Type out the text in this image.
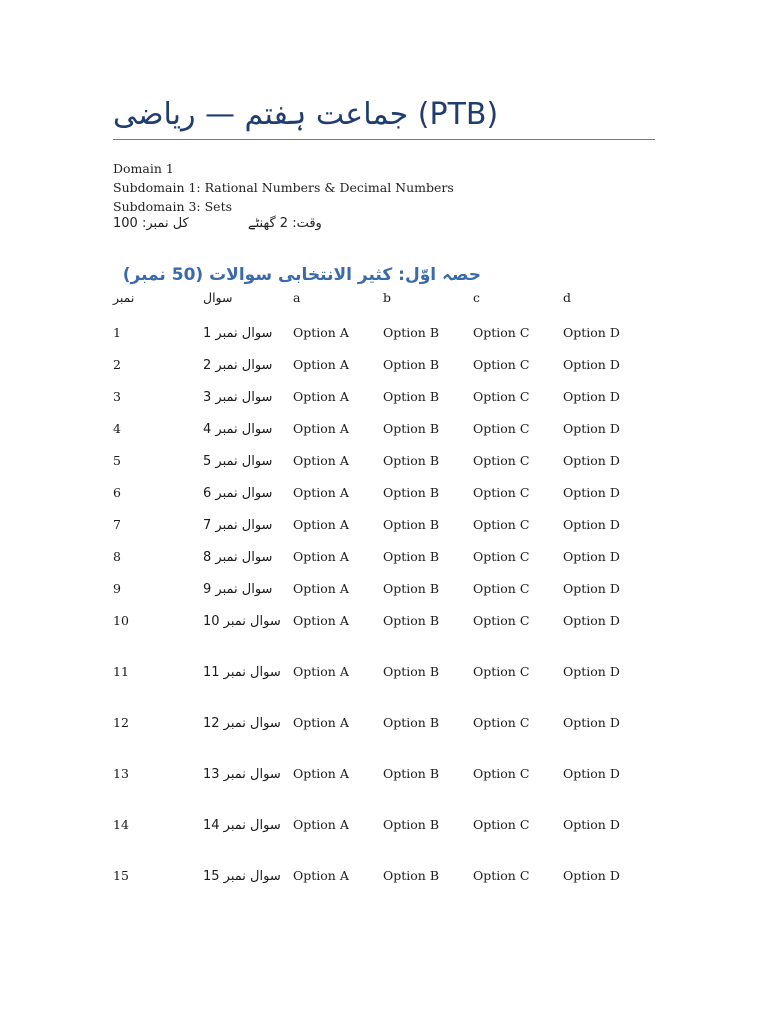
جماعت ہفتم — ریاضی (PTB)
Domain 1
Subdomain 1: Rational Numbers & Decimal Numbers
Subdomain 3: Sets
کل نمبر: 100	وقت: 2 گھنٹے
حصہ اوّل: کثیر الانتخابی سوالات (50 نمبر)
نمبر	سوال	a	b	c	d
1	سوال نمبر 1	Option A	Option B	Option C	Option D
2	سوال نمبر 2	Option A	Option B	Option C	Option D
3	سوال نمبر 3	Option A	Option B	Option C	Option D
4	سوال نمبر 4	Option A	Option B	Option C	Option D
5	سوال نمبر 5	Option A	Option B	Option C	Option D
6	سوال نمبر 6	Option A	Option B	Option C	Option D
7	سوال نمبر 7	Option A	Option B	Option C	Option D
8	سوال نمبر 8	Option A	Option B	Option C	Option D
9	سوال نمبر 9	Option A	Option B	Option C	Option D
10	سوال نمبر 10	Option A	Option B	Option C	Option D
11	سوال نمبر 11	Option A	Option B	Option C	Option D
12	سوال نمبر 12	Option A	Option B	Option C	Option D
13	سوال نمبر 13	Option A	Option B	Option C	Option D
14	سوال نمبر 14	Option A	Option B	Option C	Option D
15	سوال نمبر 15	Option A	Option B	Option C	Option D
